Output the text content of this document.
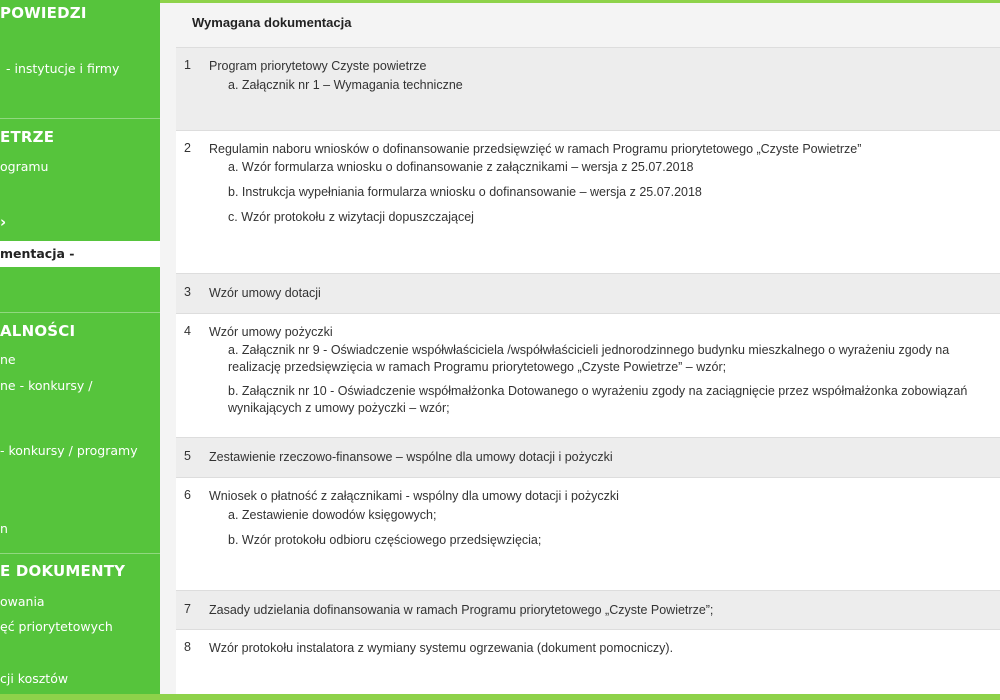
POWIEDZI
- instytucje i firmy
ETRZE
ogramu
›
mentacja -
ALNOŚCI
ne
ne - konkursy /
- konkursy / programy
n
E DOKUMENTY
owania
ęć priorytetowych
cji kosztów
Wymagana dokumentacja
1 Program priorytetowy Czyste powietrze
a. Załącznik nr 1 – Wymagania techniczne
2 Regulamin naboru wniosków o dofinansowanie przedsięwzięć w ramach Programu priorytetowego „Czyste Powietrze”
a. Wzór formularza wniosku o dofinansowanie z załącznikami – wersja z 25.07.2018
b. Instrukcja wypełniania formularza wniosku o dofinansowanie – wersja z 25.07.2018
c. Wzór protokołu z wizytacji dopuszczającej
3 Wzór umowy dotacji
4 Wzór umowy pożyczki
a. Załącznik nr 9 - Oświadczenie współwłaściciela /współwłaścicieli jednorodzinnego budynku mieszkalnego o wyrażeniu zgody na realizację przedsięwzięcia w ramach Programu priorytetowego „Czyste Powietrze” – wzór;
b. Załącznik nr 10 - Oświadczenie współmałżonka Dotowanego o wyrażeniu zgody na zaciągnięcie przez współmałżonka zobowiązań wynikających z umowy pożyczki – wzór;
5 Zestawienie rzeczowo-finansowe – wspólne dla umowy dotacji i pożyczki
6 Wniosek o płatność z załącznikami - wspólny dla umowy dotacji i pożyczki
a. Zestawienie dowodów księgowych;
b. Wzór protokołu odbioru częściowego przedsięwzięcia;
7 Zasady udzielania dofinansowania w ramach Programu priorytetowego „Czyste Powietrze”;
8 Wzór protokołu instalatora z wymiany systemu ogrzewania (dokument pomocniczy).
